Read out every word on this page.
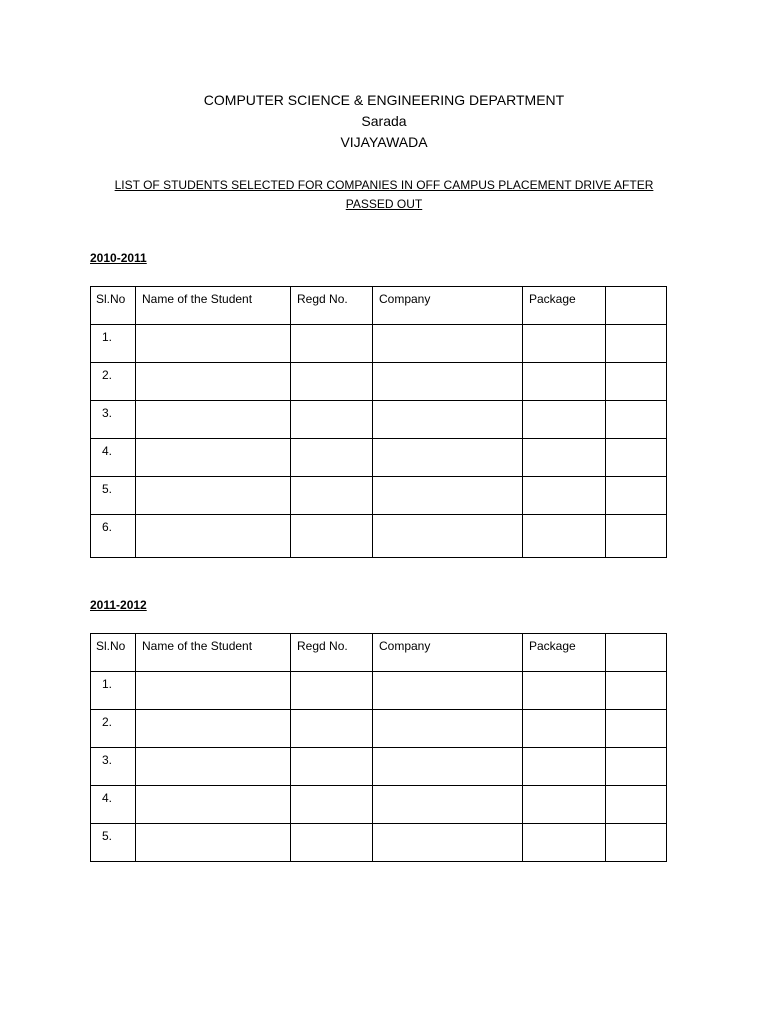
COMPUTER SCIENCE & ENGINEERING DEPARTMENT
Sarada
VIJAYAWADA
LIST OF STUDENTS SELECTED FOR COMPANIES IN OFF CAMPUS PLACEMENT DRIVE AFTER
PASSED OUT
2010-2011
Sl.No	Name of the Student	Regd No.	Company	Package	
1.					
2.					
3.					
4.					
5.					
6.					
2011-2012
Sl.No	Name of the Student	Regd No.	Company	Package	
1.					
2.					
3.					
4.					
5.					
